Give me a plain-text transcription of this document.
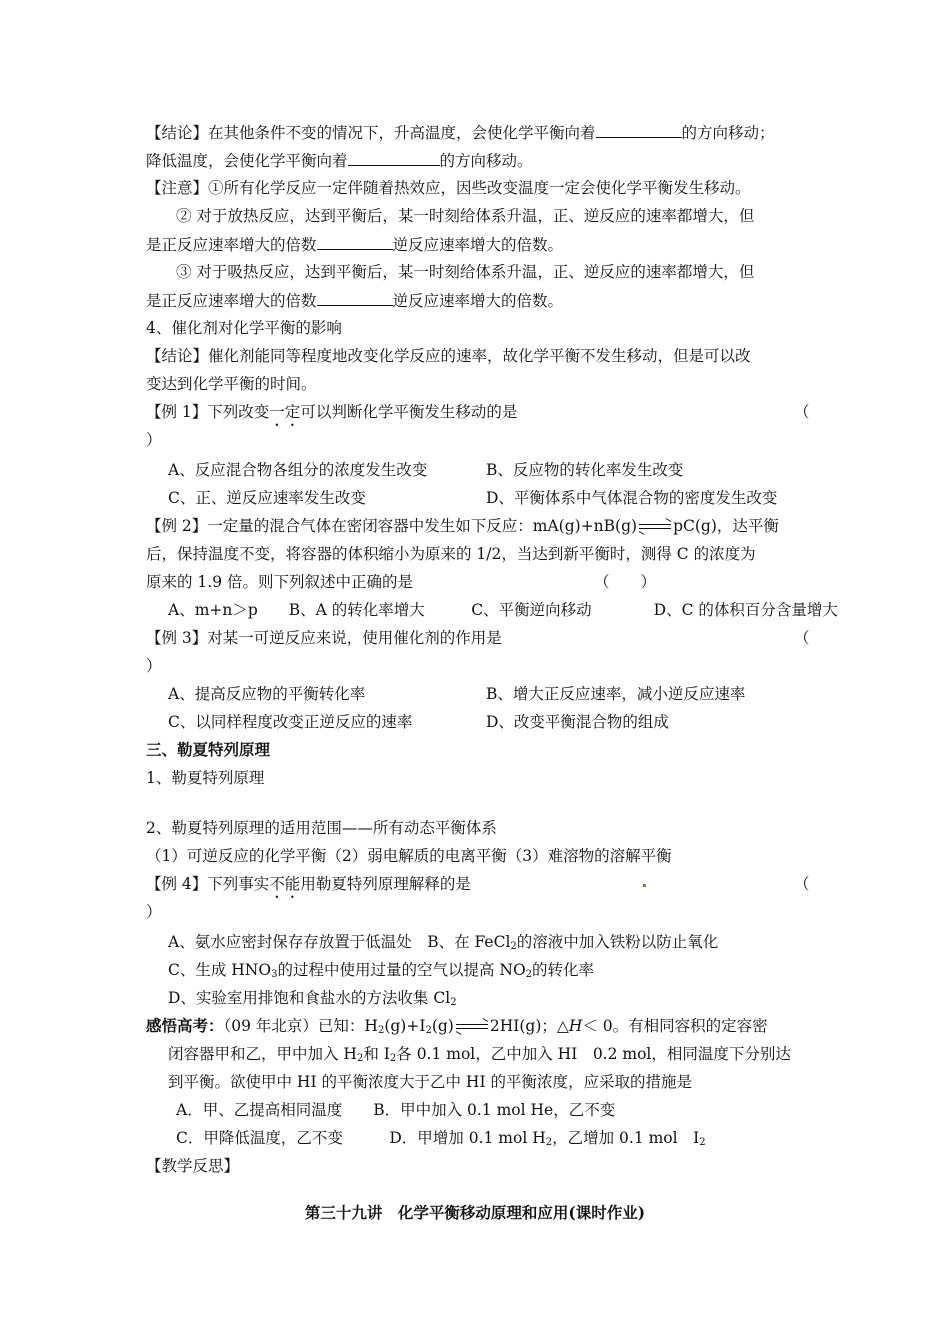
【结论】在其他条件不变的情况下，升高温度，会使化学平衡向着	的方向移动；
降低温度，会使化学平衡向着	的方向移动。
【注意】①所有化学反应一定伴随着热效应，因些改变温度一定会使化学平衡发生移动。
② 对于放热反应，达到平衡后，某一时刻给体系升温，正、逆反应的速率都增大，但
是正反应速率增大的倍数	逆反应速率增大的倍数。
③ 对于吸热反应，达到平衡后，某一时刻给体系升温，正、逆反应的速率都增大，但
是正反应速率增大的倍数	逆反应速率增大的倍数。
4、催化剂对化学平衡的影响
【结论】催化剂能同等程度地改变化学反应的速率，故化学平衡不发生移动，但是可以改
变达到化学平衡的时间。
【例 1】下列改变一定可以判断化学平衡发生移动的是	（
）
A、反应混合物各组分的浓度发生改变	B、反应物的转化率发生改变
C、正、逆反应速率发生改变	D、平衡体系中气体混合物的密度发生改变
【例 2】一定量的混合气体在密闭容器中发生如下反应：mA(g)+nB(g) pC(g)，达平衡
后，保持温度不变，将容器的体积缩小为原来的 1/2，当达到新平衡时，测得 C 的浓度为
原来的 1.9 倍。则下列叙述中正确的是	（　　）
A、m+n＞p　　B、A 的转化率增大　　　C、平衡逆向移动　　　　D、C 的体积百分含量增大
【例 3】对某一可逆反应来说，使用催化剂的作用是	（
）
A、提高反应物的平衡转化率	B、增大正反应速率，减小逆反应速率
C、以同样程度改变正逆反应的速率	D、改变平衡混合物的组成
三、勒夏特列原理
1、勒夏特列原理
2、勒夏特列原理的适用范围——所有动态平衡体系
（1）可逆反应的化学平衡（2）弱电解质的电离平衡（3）难溶物的溶解平衡
【例 4】下列事实不能用勒夏特列原理解释的是	（
）
A、氨水应密封保存存放置于低温处　B、在 FeCl$_2$的溶液中加入铁粉以防止氧化
C、生成 $HNO_3$的过程中使用过量的空气以提高 $NO_2$的转化率
D、实验室用排饱和食盐水的方法收集 $Cl_2$
感悟高考：（09 年北京）已知：$H_2(g)+I_2(g)$ 2HI(g)；△H＜ 0。有相同容积的定容密
闭容器甲和乙，甲中加入 $H_2$和 $I_2$各 0.1 mol，乙中加入 HI　0.2 mol，相同温度下分别达
到平衡。欲使甲中 HI 的平衡浓度大于乙中 HI 的平衡浓度，应采取的措施是
A．甲、乙提高相同温度　　B．甲中加入 0.1 mol He，乙不变
C．甲降低温度，乙不变　　　D．甲增加 0.1 mol $H_2$，乙增加 0.1 mol　$I_2$
【教学反思】
第三十九讲　化学平衡移动原理和应用(课时作业)
